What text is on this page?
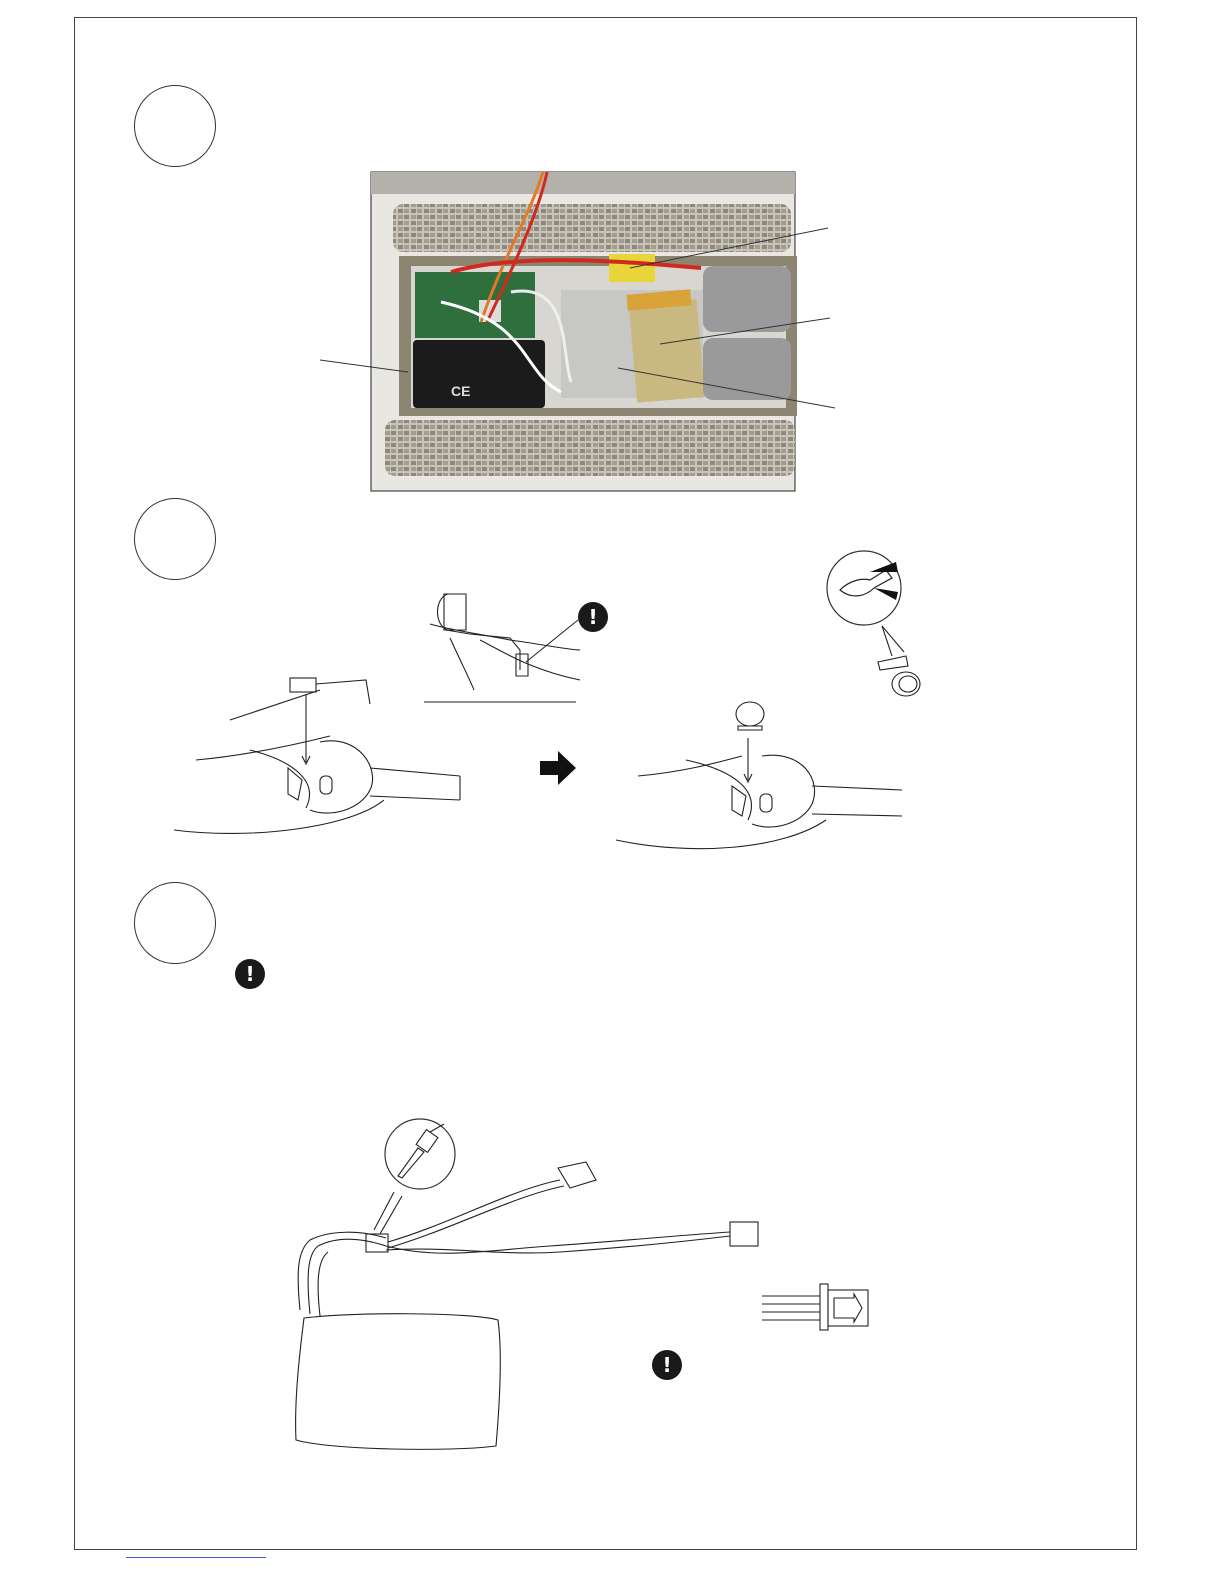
CE
!
!
!
